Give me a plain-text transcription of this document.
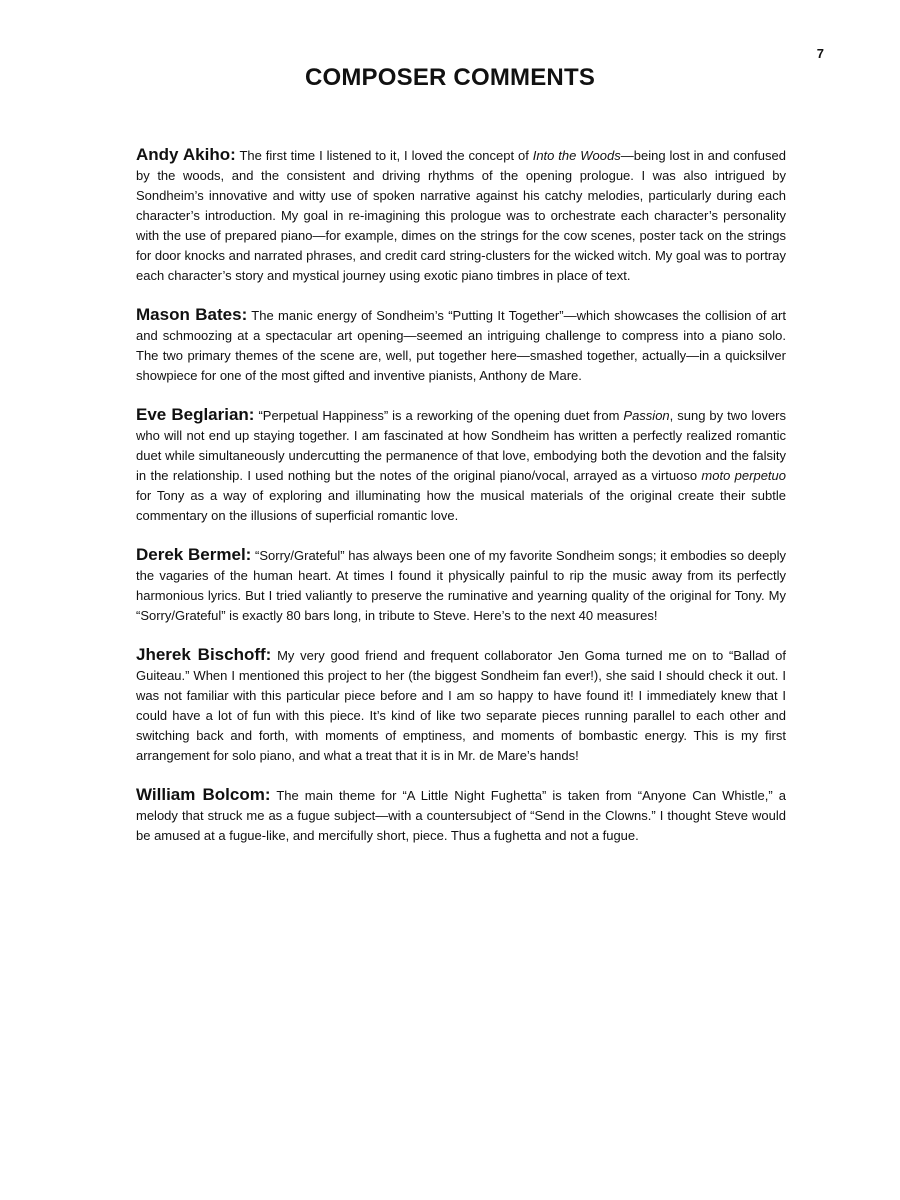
7
COMPOSER COMMENTS

Andy Akiho: The first time I listened to it, I loved the concept of Into the Woods—being lost in and confused by the woods, and the consistent and driving rhythms of the opening prologue. I was also intrigued by Sondheim’s innovative and witty use of spoken narrative against his catchy melodies, particularly during each character’s introduction. My goal in re-imagining this prologue was to orchestrate each character’s personality with the use of prepared piano—for example, dimes on the strings for the cow scenes, poster tack on the strings for door knocks and narrated phrases, and credit card string-clusters for the wicked witch. My goal was to portray each character’s story and mystical journey using exotic piano timbres in place of text.

Mason Bates: The manic energy of Sondheim’s “Putting It Together”—which showcases the collision of art and schmoozing at a spectacular art opening—seemed an intriguing challenge to compress into a piano solo. The two primary themes of the scene are, well, put together here—smashed together, actually—in a quicksilver showpiece for one of the most gifted and inventive pianists, Anthony de Mare.

Eve Beglarian: “Perpetual Happiness” is a reworking of the opening duet from Passion, sung by two lovers who will not end up staying together. I am fascinated at how Sondheim has written a perfectly realized romantic duet while simultaneously undercutting the permanence of that love, embodying both the devotion and the falsity in the relationship. I used nothing but the notes of the original piano/vocal, arrayed as a virtuoso moto perpetuo for Tony as a way of exploring and illuminating how the musical materials of the original create their subtle commentary on the illusions of superficial romantic love.

Derek Bermel: “Sorry/Grateful” has always been one of my favorite Sondheim songs; it embodies so deeply the vagaries of the human heart. At times I found it physically painful to rip the music away from its perfectly harmonious lyrics. But I tried valiantly to preserve the ruminative and yearning quality of the original for Tony. My “Sorry/Grateful” is exactly 80 bars long, in tribute to Steve. Here’s to the next 40 measures!

Jherek Bischoff: My very good friend and frequent collaborator Jen Goma turned me on to “Ballad of Guiteau.” When I mentioned this project to her (the biggest Sondheim fan ever!), she said I should check it out. I was not familiar with this particular piece before and I am so happy to have found it! I immediately knew that I could have a lot of fun with this piece. It’s kind of like two separate pieces running parallel to each other and switching back and forth, with moments of emptiness, and moments of bombastic energy. This is my first arrangement for solo piano, and what a treat that it is in Mr. de Mare’s hands!

William Bolcom: The main theme for “A Little Night Fughetta” is taken from “Anyone Can Whistle,” a melody that struck me as a fugue subject—with a countersubject of “Send in the Clowns.” I thought Steve would be amused at a fugue-like, and mercifully short, piece. Thus a fughetta and not a fugue.
